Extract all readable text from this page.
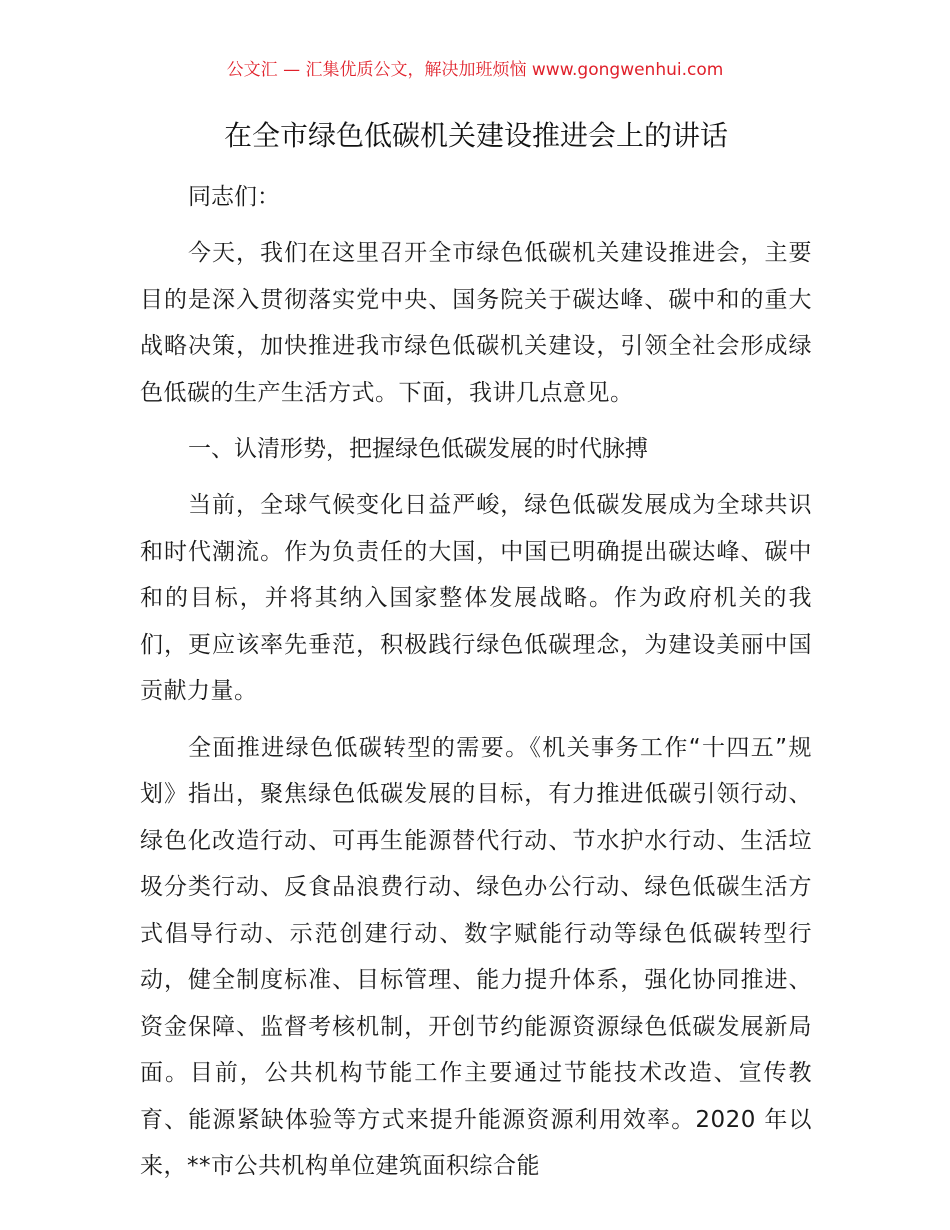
公文汇 — 汇集优质公文，解决加班烦恼 www.gongwenhui.com
在全市绿色低碳机关建设推进会上的讲话

同志们：

今天，我们在这里召开全市绿色低碳机关建设推进会，主要目的是深入贯彻落实党中央、国务院关于碳达峰、碳中和的重大战略决策，加快推进我市绿色低碳机关建设，引领全社会形成绿色低碳的生产生活方式。下面，我讲几点意见。

一、认清形势，把握绿色低碳发展的时代脉搏

当前，全球气候变化日益严峻，绿色低碳发展成为全球共识和时代潮流。作为负责任的大国，中国已明确提出碳达峰、碳中和的目标，并将其纳入国家整体发展战略。作为政府机关的我们，更应该率先垂范，积极践行绿色低碳理念，为建设美丽中国贡献力量。

全面推进绿色低碳转型的需要。《机关事务工作“十四五”规划》指出，聚焦绿色低碳发展的目标，有力推进低碳引领行动、绿色化改造行动、可再生能源替代行动、节水护水行动、生活垃圾分类行动、反食品浪费行动、绿色办公行动、绿色低碳生活方式倡导行动、示范创建行动、数字赋能行动等绿色低碳转型行动，健全制度标准、目标管理、能力提升体系，强化协同推进、资金保障、监督考核机制，开创节约能源资源绿色低碳发展新局面。目前，公共机构节能工作主要通过节能技术改造、宣传教育、能源紧缺体验等方式来提升能源资源利用效率。2020 年以来，**市公共机构单位建筑面积综合能
